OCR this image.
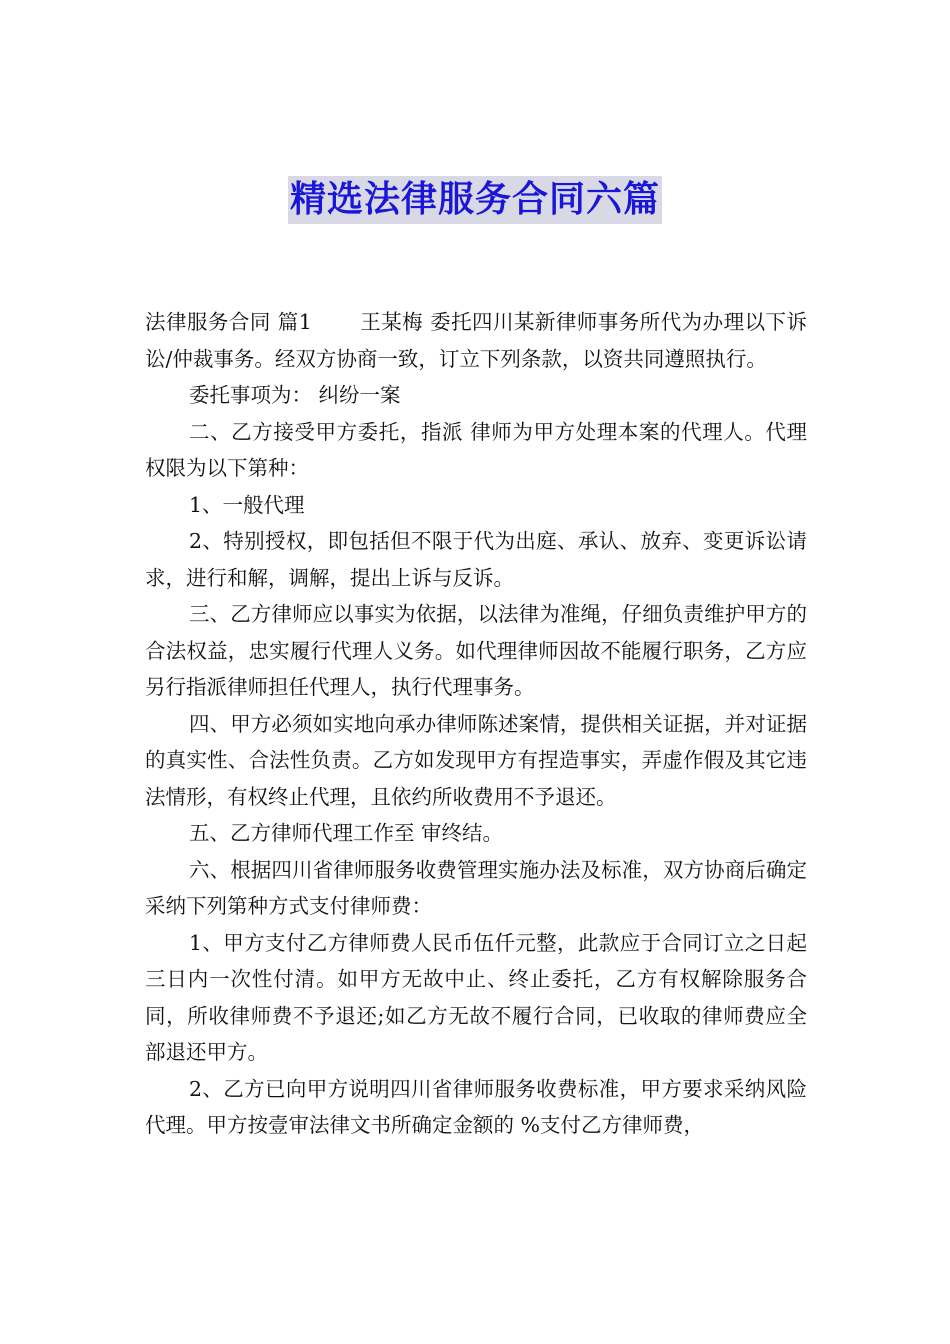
精选法律服务合同六篇

法律服务合同 篇1 王某梅 委托四川某新律师事务所代为办理以下诉讼/仲裁事务。经双方协商一致，订立下列条款，以资共同遵照执行。

委托事项为： 纠纷一案

二、乙方接受甲方委托，指派 律师为甲方处理本案的代理人。代理权限为以下第种：

1、一般代理

2、特别授权，即包括但不限于代为出庭、承认、放弃、变更诉讼请求，进行和解，调解，提出上诉与反诉。

三、乙方律师应以事实为依据，以法律为准绳，仔细负责维护甲方的合法权益，忠实履行代理人义务。如代理律师因故不能履行职务，乙方应另行指派律师担任代理人，执行代理事务。

四、甲方必须如实地向承办律师陈述案情，提供相关证据，并对证据的真实性、合法性负责。乙方如发现甲方有捏造事实，弄虚作假及其它违法情形，有权终止代理，且依约所收费用不予退还。

五、乙方律师代理工作至 审终结。

六、根据四川省律师服务收费管理实施办法及标准，双方协商后确定采纳下列第种方式支付律师费：

1、甲方支付乙方律师费人民币伍仟元整，此款应于合同订立之日起三日内一次性付清。如甲方无故中止、终止委托，乙方有权解除服务合同，所收律师费不予退还;如乙方无故不履行合同，已收取的律师费应全部退还甲方。

2、乙方已向甲方说明四川省律师服务收费标准，甲方要求采纳风险代理。甲方按壹审法律文书所确定金额的 %支付乙方律师费，
